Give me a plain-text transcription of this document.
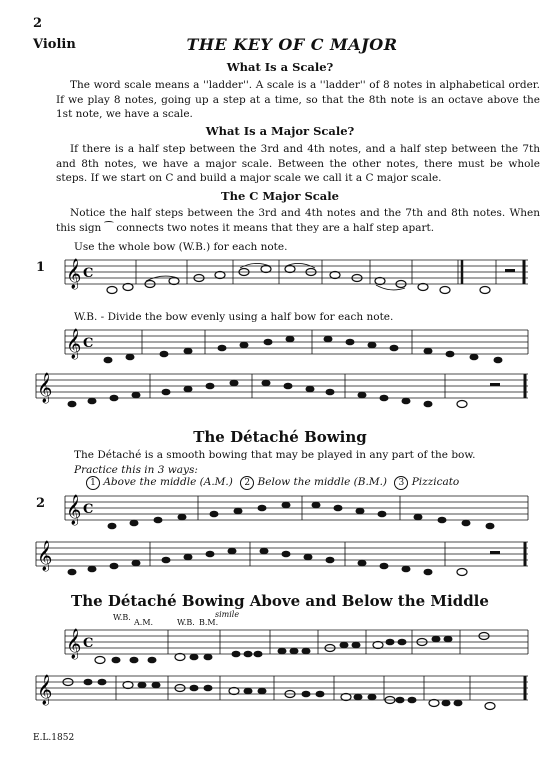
2
Violin	THE KEY OF C MAJOR
What Is a Scale?
The word scale means a ''ladder''. A scale is a ''ladder'' of 8 notes in alphabetical order. If we play 8 notes, going up a step at a time, so that the 8th note is an octave above the 1st note, we have a scale.
What Is a Major Scale?
If there is a half step between the 3rd and 4th notes, and a half step between the 7th and 8th notes, we have a major scale. Between the other notes, there must be whole steps. If we start on C and build a major scale we call it a C major scale.
The C Major Scale
Notice the half steps between the 3rd and 4th notes and the 7th and 8th notes. When this sign ⁀ connects two notes it means that they are a half step apart.
Use the whole bow (W.B.) for each note.
1 𝄞 C
W.B. - Divide the bow evenly using a half bow for each note.
𝄞 C
𝄞
The Détaché Bowing
The Détaché is a smooth bowing that may be played in any part of the bow.
Practice this in 3 ways:
1 Above the middle (A.M.) 2 Below the middle (B.M.) 3 Pizzicato
2 𝄞 C
𝄞
The Détaché Bowing Above and Below the Middle
W.B.
A.M.	W.B. B.M.
simile
𝄞 C
𝄞
E.L.1852
